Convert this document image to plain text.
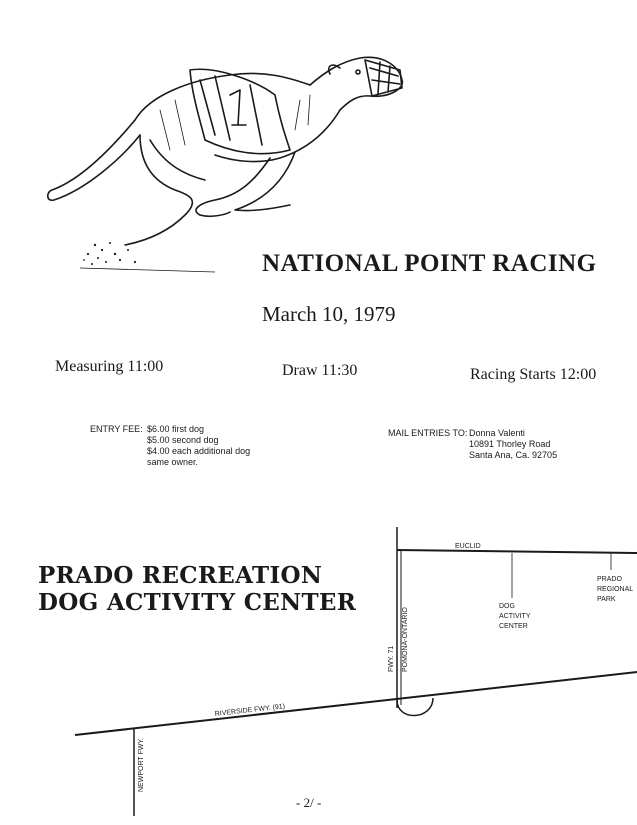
NATIONAL POINT RACING
March 10, 1979
Measuring 11:00	Draw 11:30	Racing Starts 12:00
ENTRY FEE: $6.00 first dog
$5.00 second dog
$4.00 each additional dog
same owner.
MAIL ENTRIES TO: Donna Valenti
10891 Thorley Road
Santa Ana, Ca. 92705
PRADO RECREATION
DOG ACTIVITY CENTER
EUCLID
PRADO
REGIONAL
PARK
DOG
ACTIVITY
CENTER
FWY. 71 POMONA-ONTARIO
RIVERSIDE FWY. (91)
NEWPORT FWY.
- 2/ -
